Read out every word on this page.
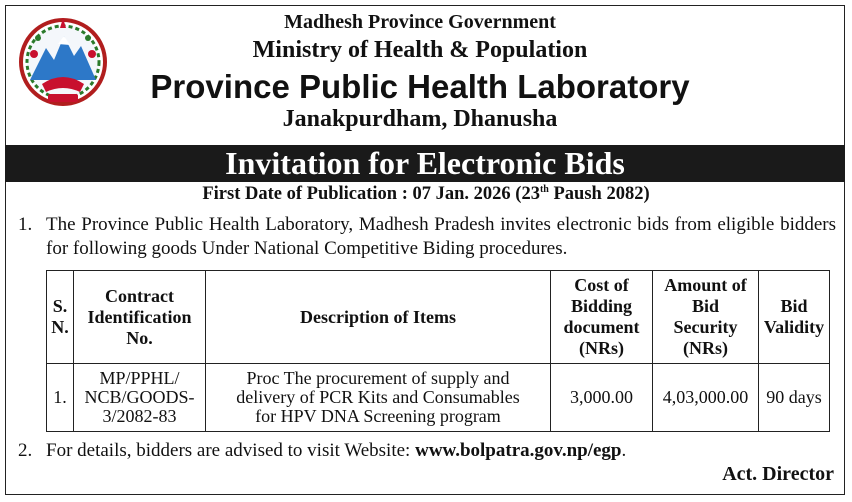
Madhesh Province Government
Ministry of Health & Population
Province Public Health Laboratory
Janakpurdham, Dhanusha
Invitation for Electronic Bids
First Date of Publication : 07 Jan. 2026 (23th Paush 2082)
1. The Province Public Health Laboratory, Madhesh Pradesh invites electronic bids from eligible bidders for following goods Under National Competitive Biding procedures.
S.
N.	Contract
Identification
No.	Description of Items	Cost of
Bidding
document
(NRs)	Amount of
Bid
Security
(NRs)	Bid
Validity
1.	MP/PPHL/
NCB/GOODS-
3/2082-83	Proc The procurement of supply and
delivery of PCR Kits and Consumables
for HPV DNA Screening program	3,000.00	4,03,000.00	90 days
2. For details, bidders are advised to visit Website: www.bolpatra.gov.np/egp.
Act. Director
